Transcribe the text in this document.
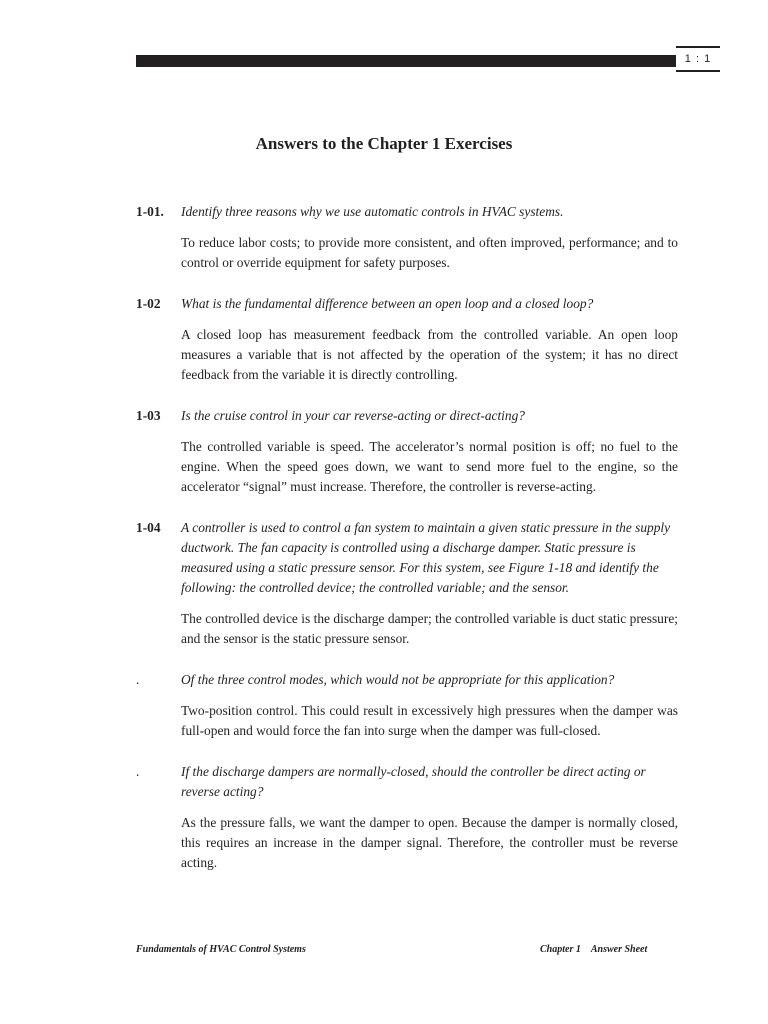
1 : 1
Answers to the Chapter 1 Exercises
1-01.	Identify three reasons why we use automatic controls in HVAC systems.
To reduce labor costs; to provide more consistent, and often improved, performance; and to control or override equipment for safety purposes.
1-02	What is the fundamental difference between an open loop and a closed loop?
A closed loop has measurement feedback from the controlled variable. An open loop measures a variable that is not affected by the operation of the system; it has no direct feedback from the variable it is directly controlling.
1-03	Is the cruise control in your car reverse-acting or direct-acting?
The controlled variable is speed. The accelerator’s normal position is off; no fuel to the engine. When the speed goes down, we want to send more fuel to the engine, so the accelerator “signal” must increase. Therefore, the controller is reverse-acting.
1-04	A controller is used to control a fan system to maintain a given static pressure in the supply ductwork. The fan capacity is controlled using a discharge damper. Static pressure is measured using a static pressure sensor. For this system, see Figure 1-18 and identify the following: the controlled device; the controlled variable; and the sensor.
The controlled device is the discharge damper; the controlled variable is duct static pressure; and the sensor is the static pressure sensor.
.	Of the three control modes, which would not be appropriate for this application?
Two-position control. This could result in excessively high pressures when the damper was full-open and would force the fan into surge when the damper was full-closed.
.	If the discharge dampers are normally-closed, should the controller be direct acting or reverse acting?
As the pressure falls, we want the damper to open. Because the damper is normally closed, this requires an increase in the damper signal. Therefore, the controller must be reverse acting.
Fundamentals of HVAC Control Systems	Chapter 1 Answer Sheet
